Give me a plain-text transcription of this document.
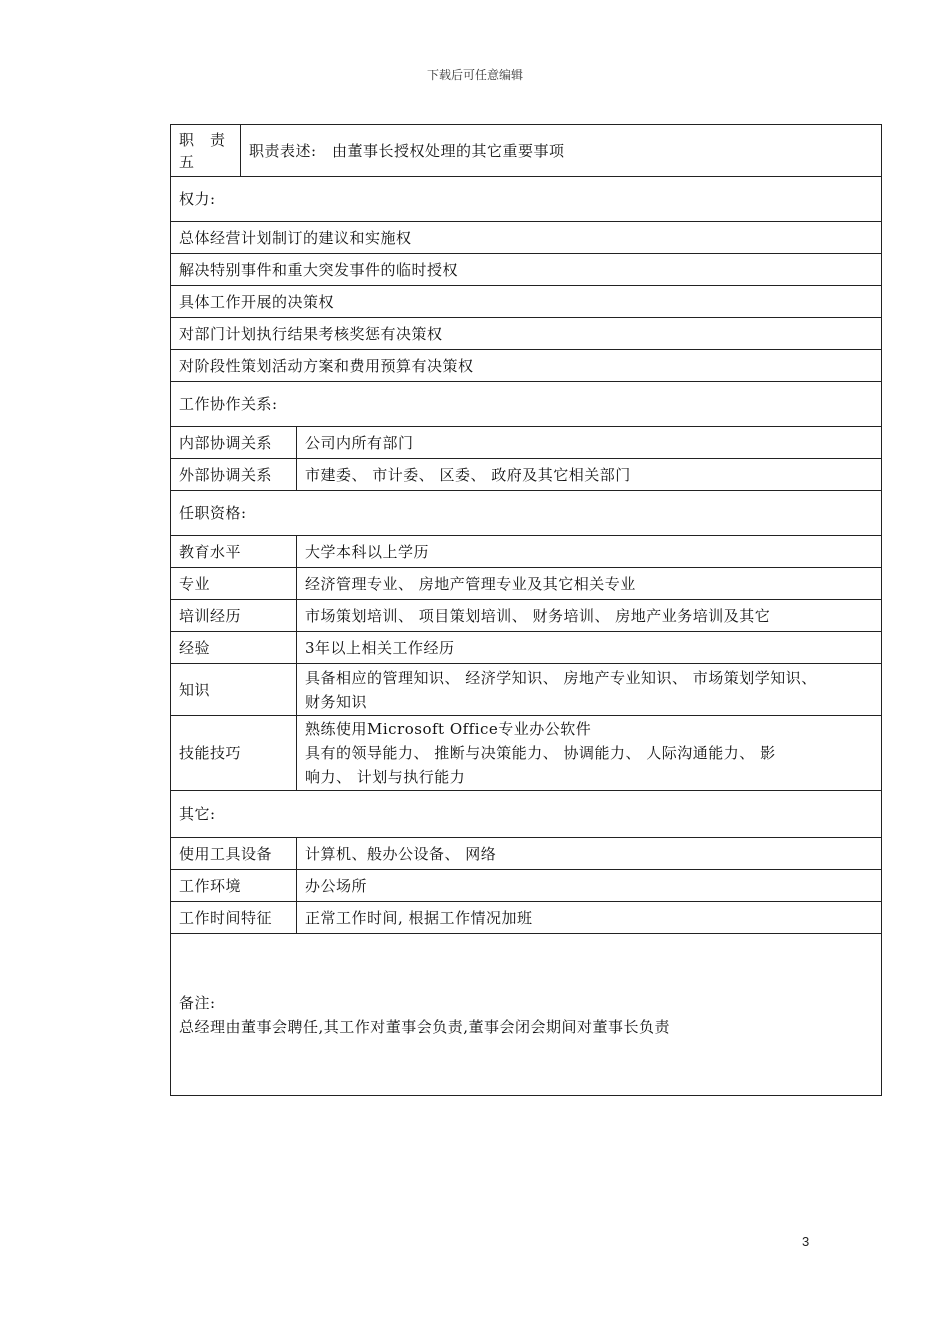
下载后可任意编辑
职　责
五	职责表述:　由董事长授权处理的其它重要事项	
权力:		
总体经营计划制订的建议和实施权		
解决特别事件和重大突发事件的临时授权		
具体工作开展的决策权		
对部门计划执行结果考核奖惩有决策权		
对阶段性策划活动方案和费用预算有决策权		
工作协作关系:		
内部协调关系		公司内所有部门
外部协调关系		市建委、 市计委、 区委、 政府及其它相关部门
任职资格:		
教育水平		大学本科以上学历
专业		经济管理专业、 房地产管理专业及其它相关专业
培训经历		市场策划培训、 项目策划培训、 财务培训、 房地产业务培训及其它
经验		3年以上相关工作经历
知识		具备相应的管理知识、 经济学知识、 房地产专业知识、 市场策划学知识、
财务知识

技能技巧		熟练使用Microsoft Office专业办公软件
具有的领导能力、 推断与决策能力、 协调能力、 人际沟通能力、 影
响力、 计划与执行能力

其它:		
使用工具设备		计算机、般办公设备、 网络
工作环境		办公场所
工作时间特征		正常工作时间, 根据工作情况加班

备注:
总经理由董事会聘任,其工作对董事会负责,董事会闭会期间对董事长负责		
3
